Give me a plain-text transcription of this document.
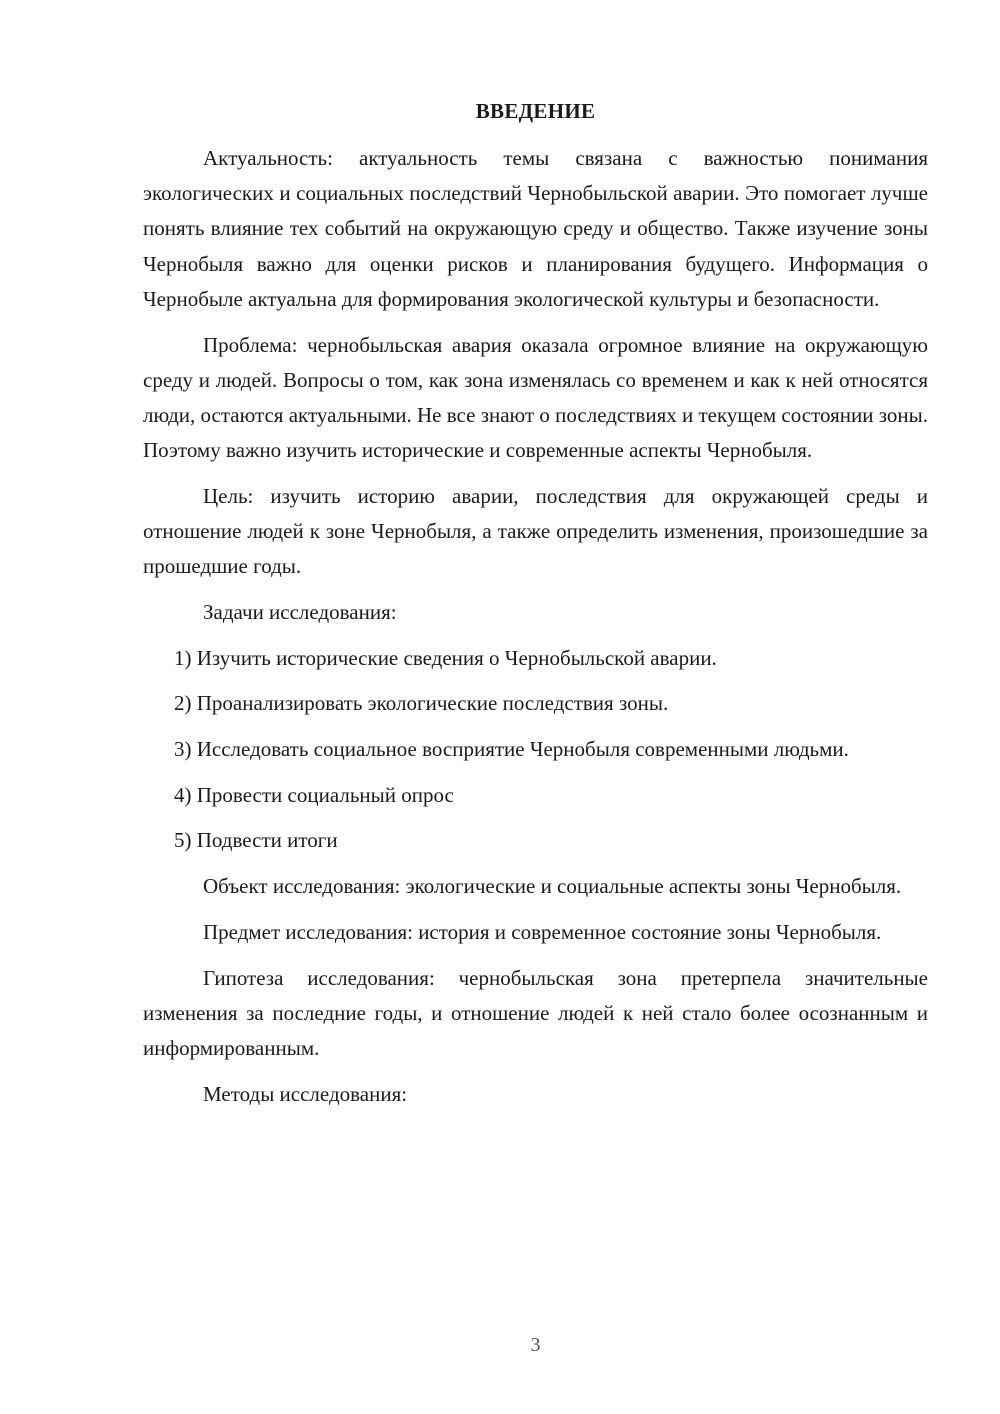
ВВЕДЕНИЕ

Актуальность: актуальность темы связана с важностью понимания экологических и социальных последствий Чернобыльской аварии. Это помогает лучше понять влияние тех событий на окружающую среду и общество. Также изучение зоны Чернобыля важно для оценки рисков и планирования будущего. Информация о Чернобыле актуальна для формирования экологической культуры и безопасности.

Проблема: чернобыльская авария оказала огромное влияние на окружающую среду и людей. Вопросы о том, как зона изменялась со временем и как к ней относятся люди, остаются актуальными. Не все знают о последствиях и текущем состоянии зоны. Поэтому важно изучить исторические и современные аспекты Чернобыля.

Цель: изучить историю аварии, последствия для окружающей среды и отношение людей к зоне Чернобыля, а также определить изменения, произошедшие за прошедшие годы.

Задачи исследования:

1) Изучить исторические сведения о Чернобыльской аварии.

2) Проанализировать экологические последствия зоны.

3) Исследовать социальное восприятие Чернобыля современными людьми.

4) Провести социальный опрос

5) Подвести итоги

Объект исследования: экологические и социальные аспекты зоны Чернобыля.

Предмет исследования: история и современное состояние зоны Чернобыля.

Гипотеза исследования: чернобыльская зона претерпела значительные изменения за последние годы, и отношение людей к ней стало более осознанным и информированным.

Методы исследования:

3
